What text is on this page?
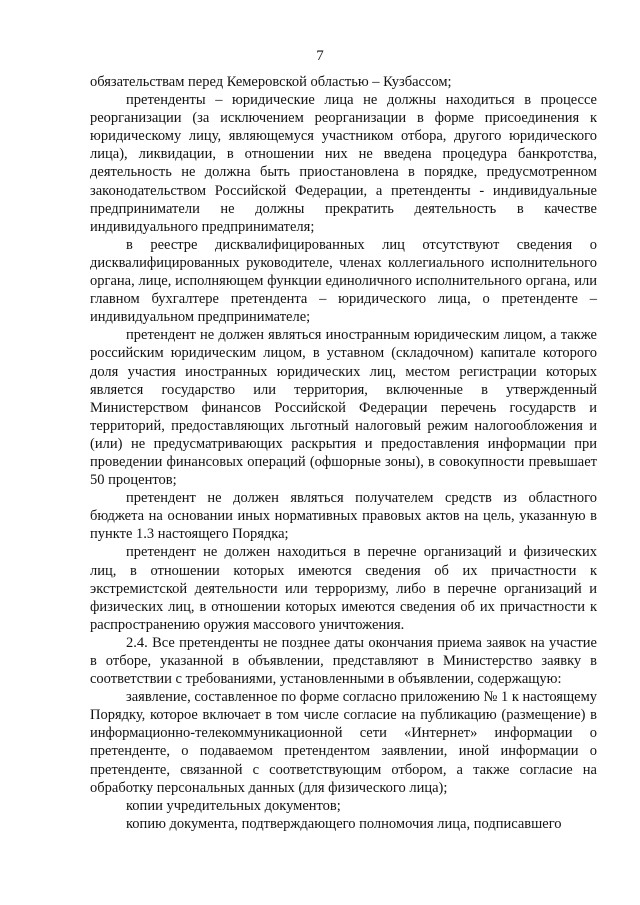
7

обязательствам перед Кемеровской областью – Кузбассом;

претенденты – юридические лица не должны находиться в процессе реорганизации (за исключением реорганизации в форме присоединения к юридическому лицу, являющемуся участником отбора, другого юридического лица), ликвидации, в отношении них не введена процедура банкротства, деятельность не должна быть приостановлена в порядке, предусмотренном законодательством Российской Федерации, а претенденты - индивидуальные предприниматели не должны прекратить деятельность в качестве индивидуального предпринимателя;

в реестре дисквалифицированных лиц отсутствуют сведения о дисквалифицированных руководителе, членах коллегиального исполнительного органа, лице, исполняющем функции единоличного исполнительного органа, или главном бухгалтере претендента – юридического лица, о претенденте – индивидуальном предпринимателе;

претендент не должен являться иностранным юридическим лицом, а также российским юридическим лицом, в уставном (складочном) капитале которого доля участия иностранных юридических лиц, местом регистрации которых является государство или территория, включенные в утвержденный Министерством финансов Российской Федерации перечень государств и территорий, предоставляющих льготный налоговый режим налогообложения и (или) не предусматривающих раскрытия и предоставления информации при проведении финансовых операций (офшорные зоны), в совокупности превышает 50 процентов;

претендент не должен являться получателем средств из областного бюджета на основании иных нормативных правовых актов на цель, указанную в пункте 1.3 настоящего Порядка;

претендент не должен находиться в перечне организаций и физических лиц, в отношении которых имеются сведения об их причастности к экстремистской деятельности или терроризму, либо в перечне организаций и физических лиц, в отношении которых имеются сведения об их причастности к распространению оружия массового уничтожения.

2.4. Все претенденты не позднее даты окончания приема заявок на участие в отборе, указанной в объявлении, представляют в Министерство заявку в соответствии с требованиями, установленными в объявлении, содержащую:

заявление, составленное по форме согласно приложению № 1 к настоящему Порядку, которое включает в том числе согласие на публикацию (размещение) в информационно-телекоммуникационной сети «Интернет» информации о претенденте, о подаваемом претендентом заявлении, иной информации о претенденте, связанной с соответствующим отбором, а также согласие на обработку персональных данных (для физического лица);

копии учредительных документов;

копию документа, подтверждающего полномочия лица, подписавшего
